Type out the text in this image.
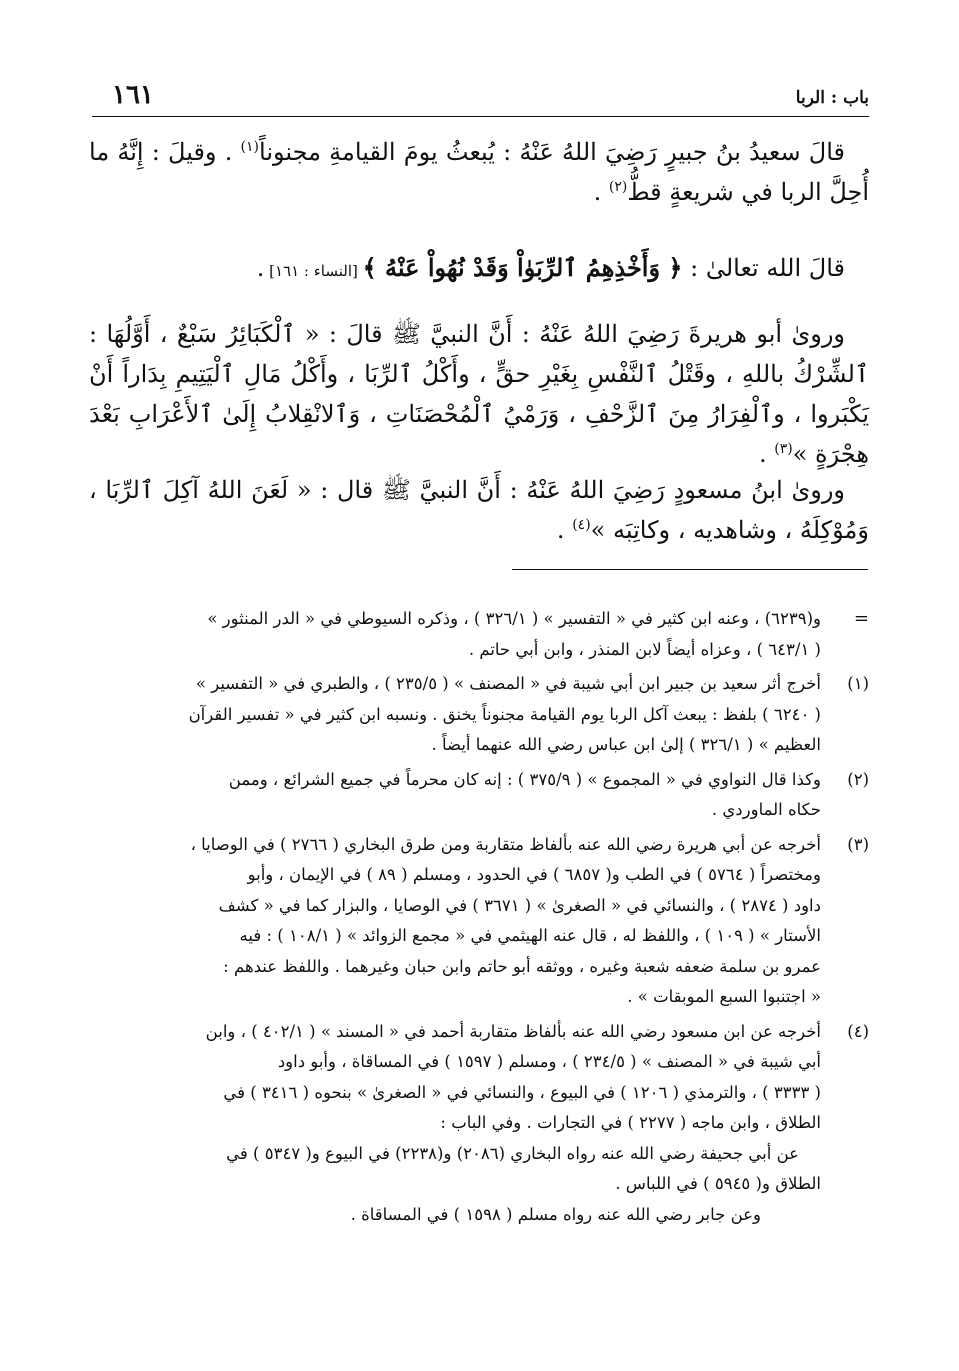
باب : الربا
١٦١

قالَ سعيدُ بنُ جبيرٍ رَضِيَ اللهُ عَنْهُ : يُبعثُ يومَ القيامةِ مجنوناً$^{(١)}$ . وقيلَ : إِنَّهُ ما أُحِلَّ الربا في شريعةٍ قطُّ$^{(٢)}$ .

قالَ الله تعالىٰ : ﴿ وَأَخْذِهِمُ ٱلرِّبَوٰاْ وَقَدْ نُهُواْ عَنْهُ ﴾ [النساء : ١٦١] .

وروىٰ أبو هريرةَ رَضِيَ اللهُ عَنْهُ : أَنَّ النبيَّ ﷺ قالَ : « ٱلْكَبَائِرُ سَبْعٌ ، أَوَّلُهَا : ٱلشِّرْكُ باللهِ ، وقَتْلُ ٱلنَّفْسِ بِغَيْرِ حقٍّ ، وأَكْلُ ٱلرِّبَا ، وأَكْلُ مَالِ ٱلْيَتِيمِ بِدَاراً أَنْ يَكْبَروا ، وٱلْفِرَارُ مِنَ ٱلزَّحْفِ ، وَرَمْيُ ٱلْمُحْصَنَاتِ ، وَٱلانْقِلابُ إِلَىٰ ٱلأَعْرَابِ بَعْدَ هِجْرَةٍ »$^{(٣)}$ .

وروىٰ ابنُ مسعودٍ رَضِيَ اللهُ عَنْهُ : أَنَّ النبيَّ ﷺ قال : « لَعَنَ اللهُ آكِلَ ٱلرِّبَا ، وَمُوْكِلَهُ ، وشاهديه ، وكاتِبَه »$^{(٤)}$ .

=
و(٦٢٣٩) ، وعنه ابن كثير في « التفسير » ( ٣٢٦/١ ) ، وذكره السيوطي في « الدر المنثور »
( ٦٤٣/١ ) ، وعزاه أيضاً لابن المنذر ، وابن أبي حاتم .
(١)
أخرج أثر سعيد بن جبير ابن أبي شيبة في « المصنف » ( ٢٣٥/٥ ) ، والطبري في « التفسير »
( ٦٢٤٠ ) بلفظ : يبعث آكل الربا يوم القيامة مجنوناً يخنق . ونسبه ابن كثير في « تفسير القرآن
العظيم » ( ٣٢٦/١ ) إلىٰ ابن عباس رضي الله عنهما أيضاً .
(٢)
وكذا قال النواوي في « المجموع » ( ٣٧٥/٩ ) : إنه كان محرماً في جميع الشرائع ، وممن
حكاه الماوردي .
(٣)
أخرجه عن أبي هريرة رضي الله عنه بألفاظ متقاربة ومن طرق البخاري ( ٢٧٦٦ ) في الوصايا ،
ومختصراً ( ٥٧٦٤ ) في الطب و( ٦٨٥٧ ) في الحدود ، ومسلم ( ٨٩ ) في الإيمان ، وأبو
داود ( ٢٨٧٤ ) ، والنسائي في « الصغرىٰ » ( ٣٦٧١ ) في الوصايا ، والبزار كما في « كشف
الأستار » ( ١٠٩ ) ، واللفظ له ، قال عنه الهيثمي في « مجمع الزوائد » ( ١٠٨/١ ) : فيه
عمرو بن سلمة ضعفه شعبة وغيره ، ووثقه أبو حاتم وابن حبان وغيرهما . واللفظ عندهم :
« اجتنبوا السبع الموبقات » .
(٤)
أخرجه عن ابن مسعود رضي الله عنه بألفاظ متقاربة أحمد في « المسند » ( ٤٠٢/١ ) ، وابن
أبي شيبة في « المصنف » ( ٢٣٤/٥ ) ، ومسلم ( ١٥٩٧ ) في المساقاة ، وأبو داود
( ٣٣٣٣ ) ، والترمذي ( ١٢٠٦ ) في البيوع ، والنسائي في « الصغرىٰ » بنحوه ( ٣٤١٦ ) في
الطلاق ، وابن ماجه ( ٢٢٧٧ ) في التجارات . وفي الباب :
عن أبي جحيفة رضي الله عنه رواه البخاري (٢٠٨٦) و(٢٢٣٨) في البيوع و( ٥٣٤٧ ) في
الطلاق و( ٥٩٤٥ ) في اللباس .
وعن جابر رضي الله عنه رواه مسلم ( ١٥٩٨ ) في المساقاة .
